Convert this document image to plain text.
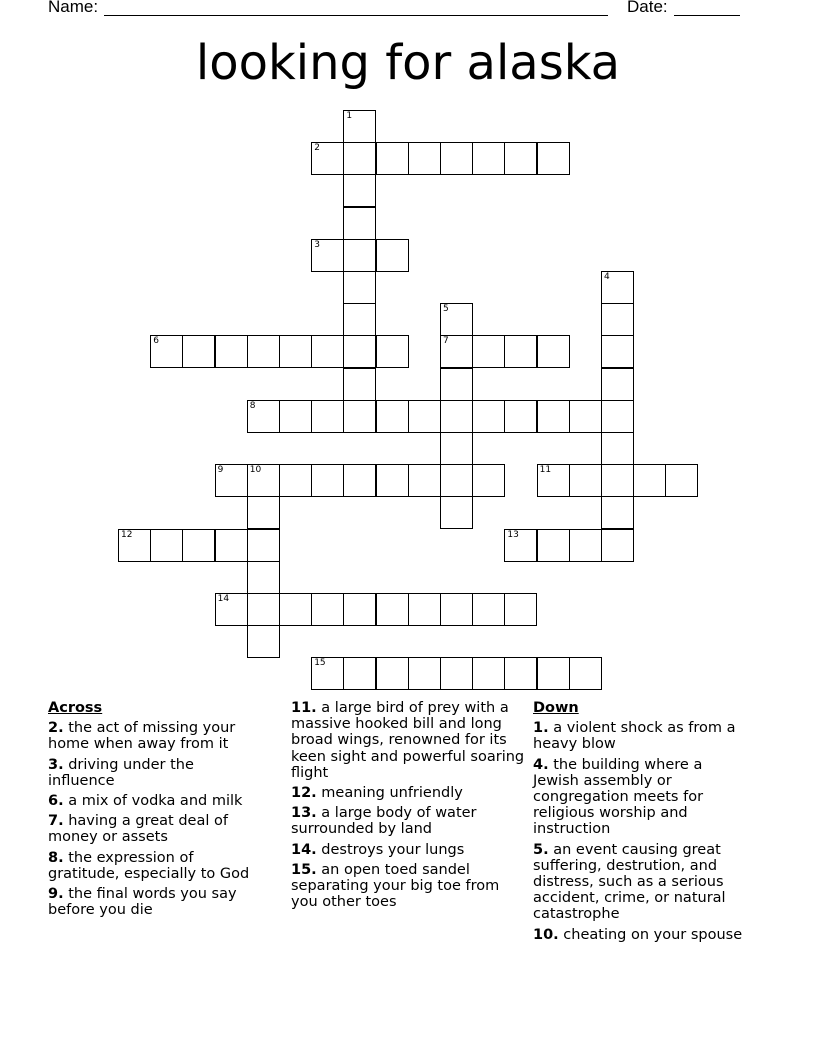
Name:	Date:
looking for alaska
1
2
3
4
5
7
6
8
9	10	11
12	13
14
15
Across
2. the act of missing your home when away from it
3. driving under the influence
6. a mix of vodka and milk
7. having a great deal of money or assets
8. the expression of gratitude, especially to God
9. the final words you say before you die
11. a large bird of prey with a massive hooked bill and long broad wings, renowned for its keen sight and powerful soaring flight
12. meaning unfriendly
13. a large body of water surrounded by land
14. destroys your lungs
15. an open toed sandel separating your big toe from you other toes
Down
1. a violent shock as from a heavy blow
4. the building where a Jewish assembly or congregation meets for religious worship and instruction
5. an event causing great suffering, destrution, and distress, such as a serious accident, crime, or natural catastrophe
10. cheating on your spouse
